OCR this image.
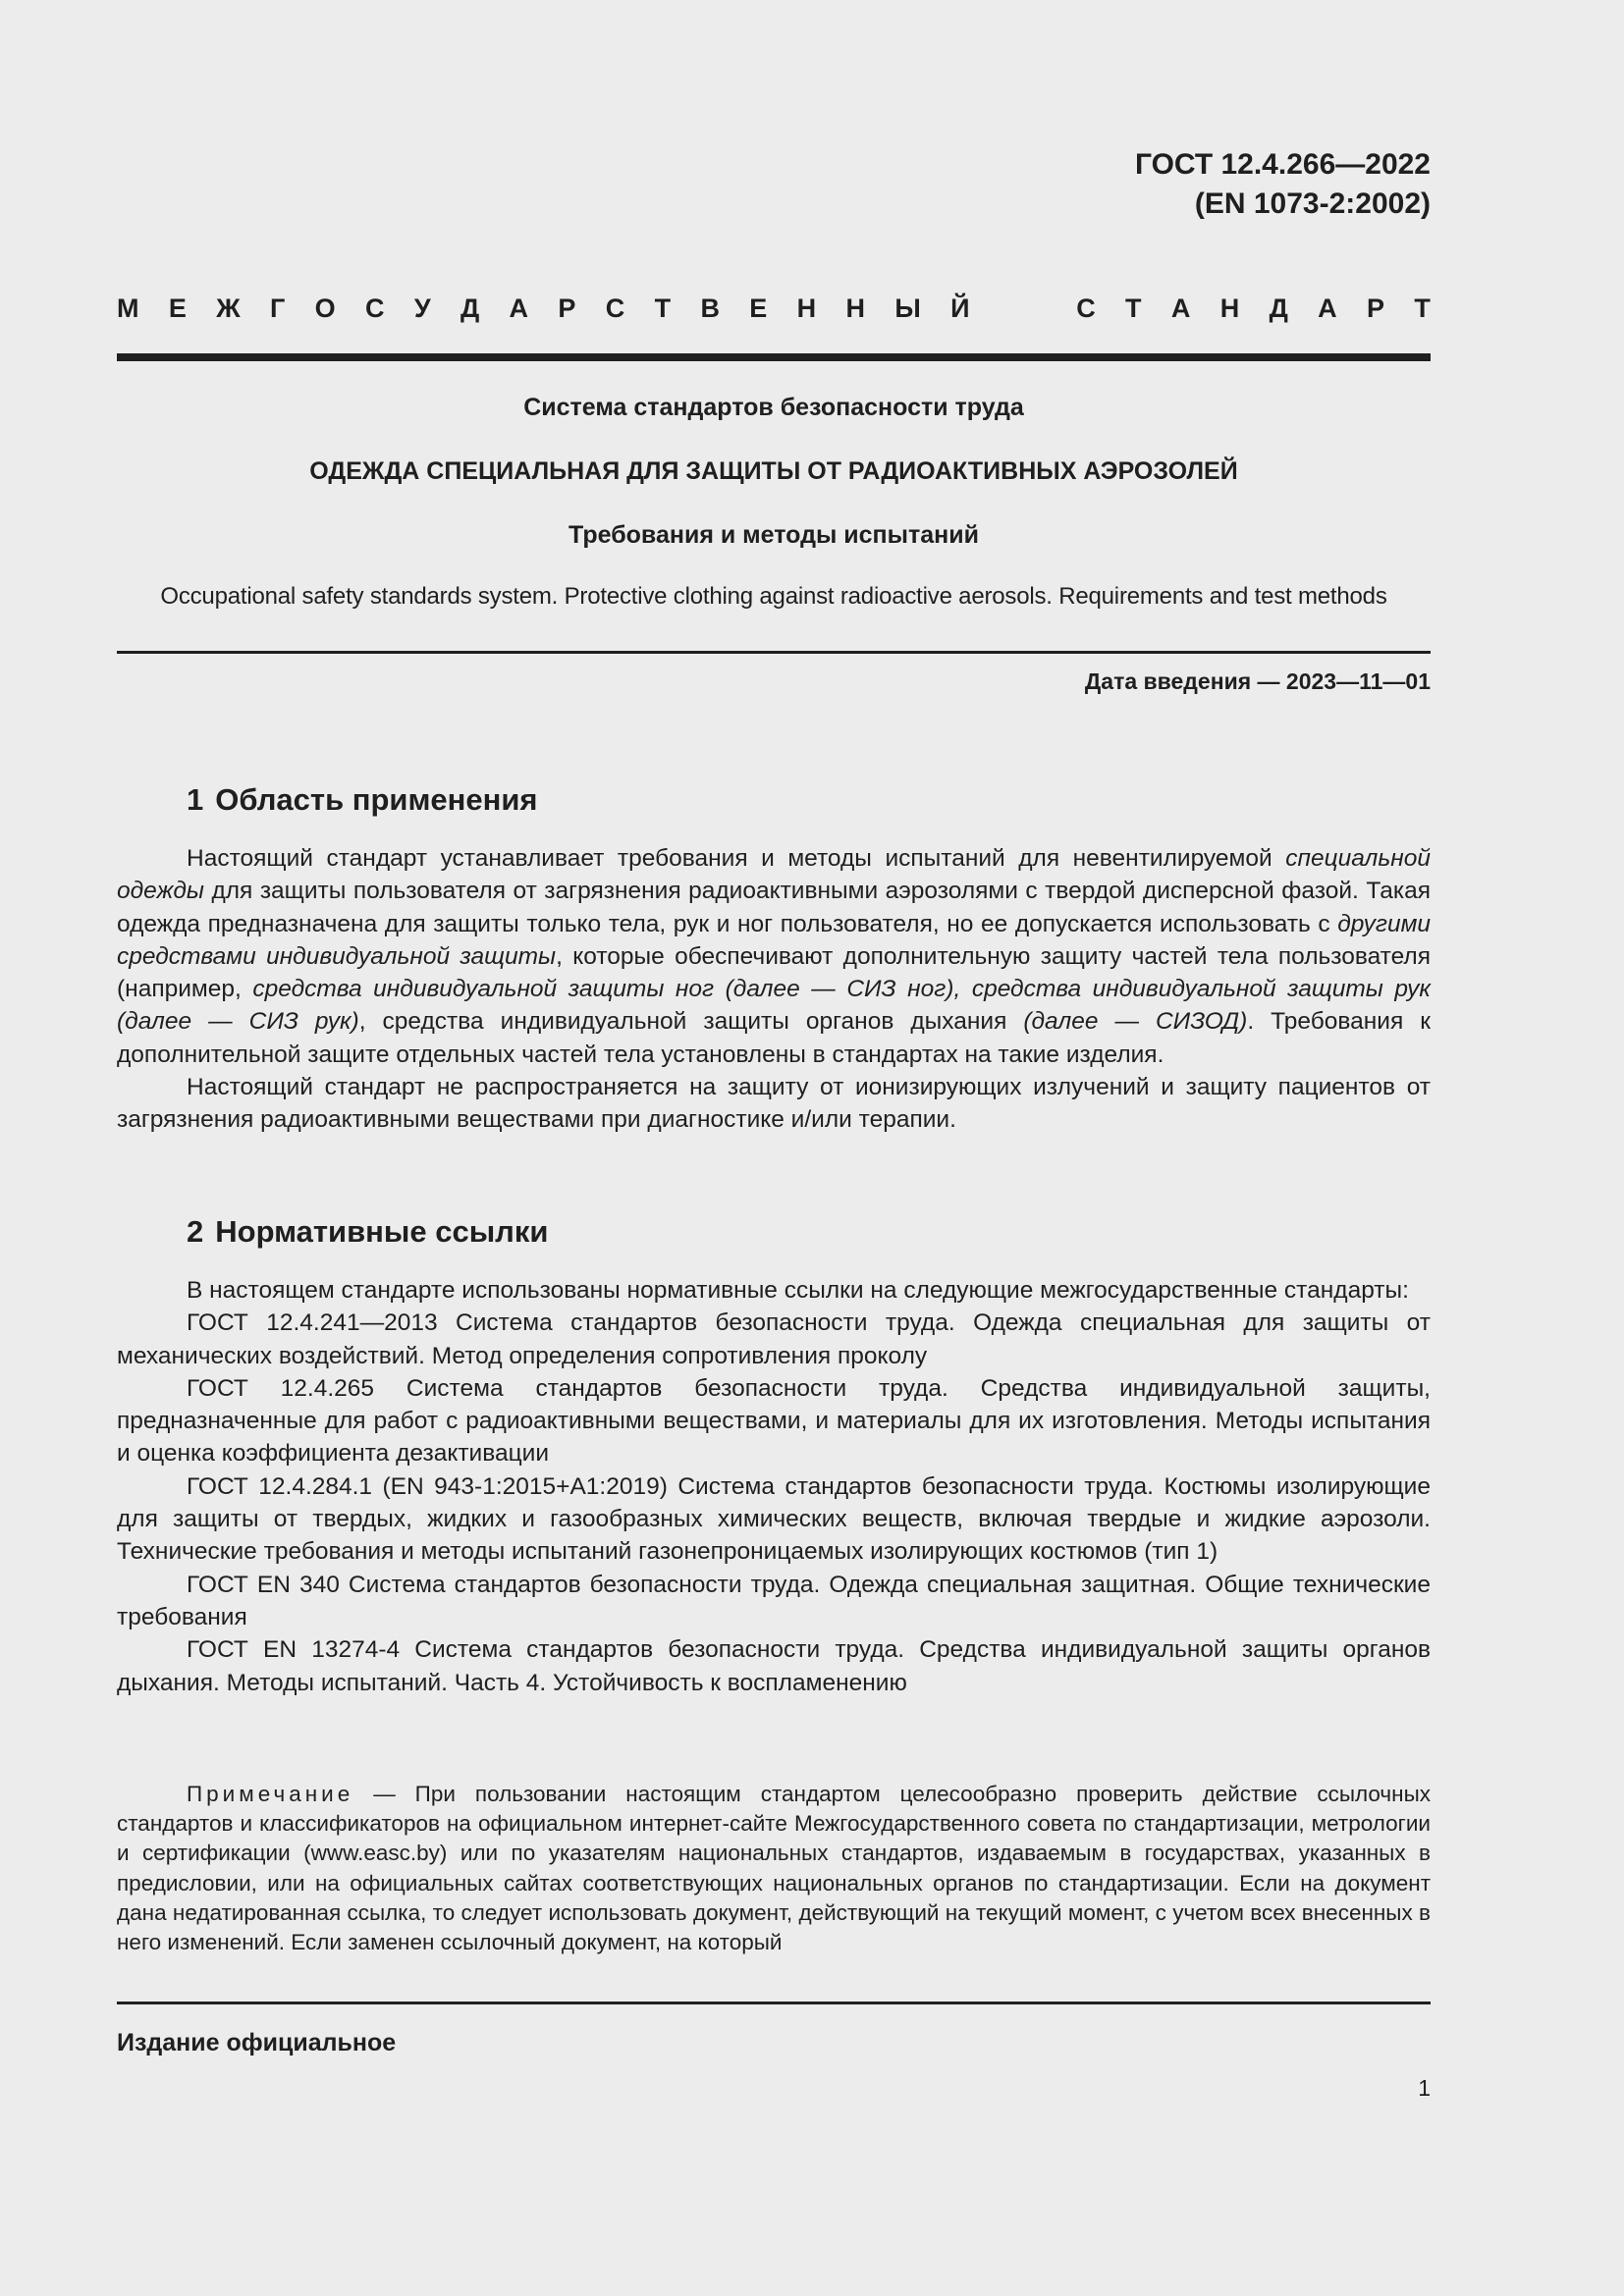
ГОСТ 12.4.266—2022
(EN 1073-2:2002)
М Е Ж Г О С У Д А Р С Т В Е Н Н Ы Й	С Т А Н Д А Р Т
Система стандартов безопасности труда
ОДЕЖДА СПЕЦИАЛЬНАЯ ДЛЯ ЗАЩИТЫ ОТ РАДИОАКТИВНЫХ АЭРОЗОЛЕЙ
Требования и методы испытаний
Occupational safety standards system. Protective clothing against radioactive aerosols. Requirements and test methods
Дата введения — 2023—11—01
1 Область применения

Настоящий стандарт устанавливает требования и методы испытаний для невентилируемой специальной одежды для защиты пользователя от загрязнения радиоактивными аэрозолями с твердой дисперсной фазой. Такая одежда предназначена для защиты только тела, рук и ног пользователя, но ее допускается использовать с другими средствами индивидуальной защиты, которые обеспечивают дополнительную защиту частей тела пользователя (например, средства индивидуальной защиты ног (далее — СИЗ ног), средства индивидуальной защиты рук (далее — СИЗ рук), средства индивидуальной защиты органов дыхания (далее — СИЗОД). Требования к дополнительной защите отдельных частей тела установлены в стандартах на такие изделия.

Настоящий стандарт не распространяется на защиту от ионизирующих излучений и защиту пациентов от загрязнения радиоактивными веществами при диагностике и/или терапии.

2 Нормативные ссылки

В настоящем стандарте использованы нормативные ссылки на следующие межгосударственные стандарты:

ГОСТ 12.4.241—2013 Система стандартов безопасности труда. Одежда специальная для защиты от механических воздействий. Метод определения сопротивления проколу

ГОСТ 12.4.265 Система стандартов безопасности труда. Средства индивидуальной защиты, предназначенные для работ с радиоактивными веществами, и материалы для их изготовления. Методы испытания и оценка коэффициента дезактивации

ГОСТ 12.4.284.1 (EN 943-1:2015+A1:2019) Система стандартов безопасности труда. Костюмы изолирующие для защиты от твердых, жидких и газообразных химических веществ, включая твердые и жидкие аэрозоли. Технические требования и методы испытаний газонепроницаемых изолирующих костюмов (тип 1)

ГОСТ EN 340 Система стандартов безопасности труда. Одежда специальная защитная. Общие технические требования

ГОСТ EN 13274-4 Система стандартов безопасности труда. Средства индивидуальной защиты органов дыхания. Методы испытаний. Часть 4. Устойчивость к воспламенению

Примечание — При пользовании настоящим стандартом целесообразно проверить действие ссылочных стандартов и классификаторов на официальном интернет-сайте Межгосударственного совета по стандартизации, метрологии и сертификации (www.easc.by) или по указателям национальных стандартов, издаваемым в государствах, указанных в предисловии, или на официальных сайтах соответствующих национальных органов по стандартизации. Если на документ дана недатированная ссылка, то следует использовать документ, действующий на текущий момент, с учетом всех внесенных в него изменений. Если заменен ссылочный документ, на который

Издание официальное
1
